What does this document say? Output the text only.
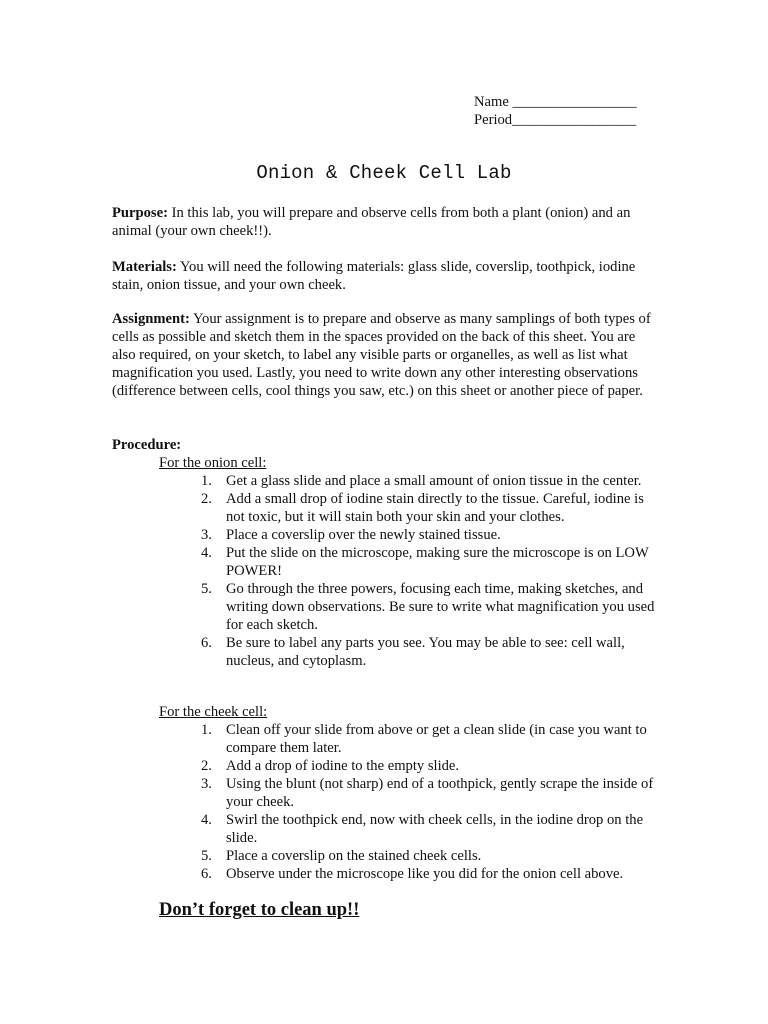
Name _________________
Period_________________
Onion & Cheek Cell Lab

Purpose: In this lab, you will prepare and observe cells from both a plant (onion) and an animal (your own cheek!!).

Materials: You will need the following materials: glass slide, coverslip, toothpick, iodine stain, onion tissue, and your own cheek.

Assignment: Your assignment is to prepare and observe as many samplings of both types of cells as possible and sketch them in the spaces provided on the back of this sheet. You are also required, on your sketch, to label any visible parts or organelles, as well as list what magnification you used. Lastly, you need to write down any other interesting observations (difference between cells, cool things you saw, etc.) on this sheet or another piece of paper.

Procedure:
For the onion cell:
1. Get a glass slide and place a small amount of onion tissue in the center.
2. Add a small drop of iodine stain directly to the tissue. Careful, iodine is not toxic, but it will stain both your skin and your clothes.
3. Place a coverslip over the newly stained tissue.
4. Put the slide on the microscope, making sure the microscope is on LOW POWER!
5. Go through the three powers, focusing each time, making sketches, and writing down observations. Be sure to write what magnification you used for each sketch.
6. Be sure to label any parts you see. You may be able to see: cell wall, nucleus, and cytoplasm.
For the cheek cell:
1. Clean off your slide from above or get a clean slide (in case you want to compare them later.
2. Add a drop of iodine to the empty slide.
3. Using the blunt (not sharp) end of a toothpick, gently scrape the inside of your cheek.
4. Swirl the toothpick end, now with cheek cells, in the iodine drop on the slide.
5. Place a coverslip on the stained cheek cells.
6. Observe under the microscope like you did for the onion cell above.
Don’t forget to clean up!!
